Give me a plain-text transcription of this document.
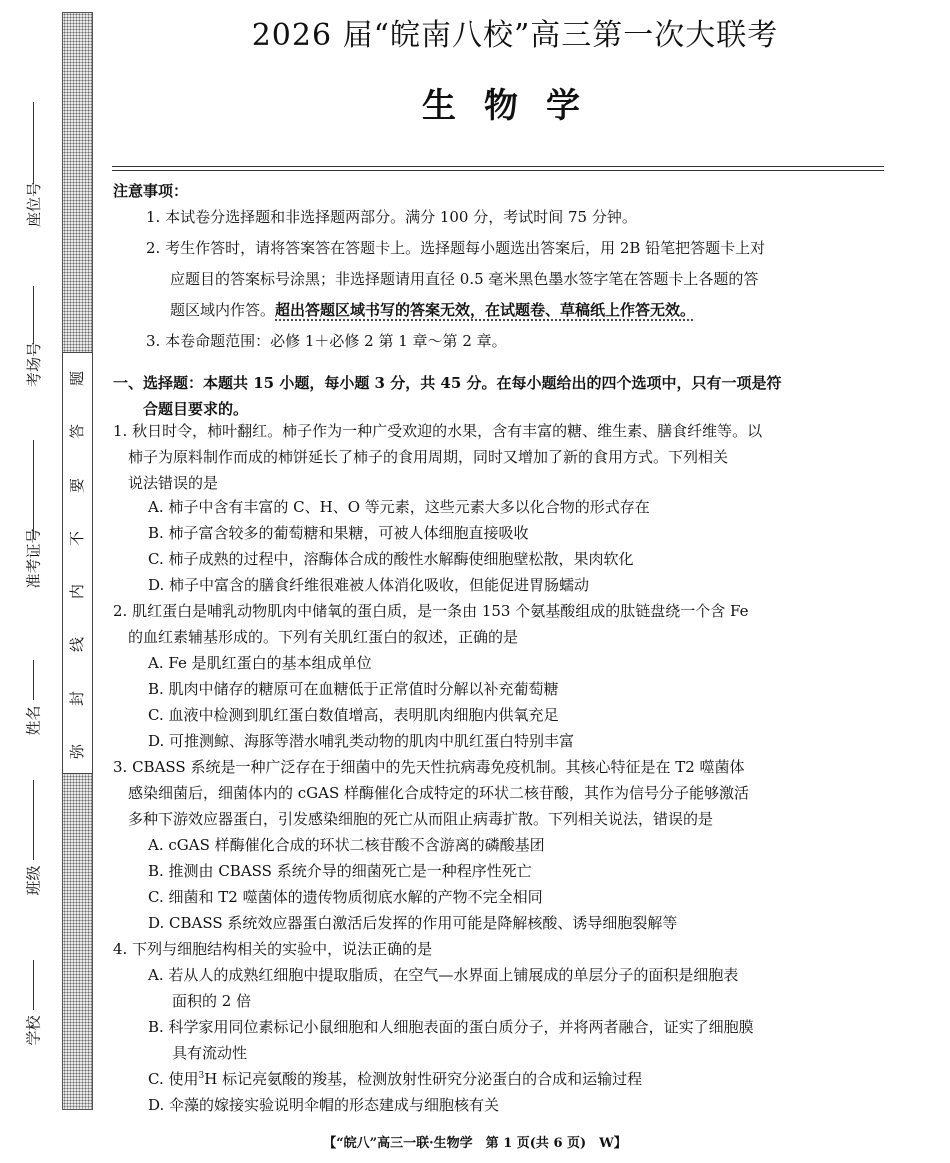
题
答
要
不
内
线
封
弥
座位号
考场号
准考证号
姓名
班级
学校
2026 届“皖南八校”高三第一次大联考
生物学
注意事项：
1. 本试卷分选择题和非选择题两部分。满分 100 分，考试时间 75 分钟。
2. 考生作答时，请将答案答在答题卡上。选择题每小题选出答案后，用 2B 铅笔把答题卡上对
应题目的答案标号涂黑；非选择题请用直径 0.5 毫米黑色墨水签字笔在答题卡上各题的答
题区域内作答。超出答题区域书写的答案无效，在试题卷、草稿纸上作答无效。
3. 本卷命题范围：必修 1＋必修 2 第 1 章～第 2 章。
一、选择题：本题共 15 小题，每小题 3 分，共 45 分。在每小题给出的四个选项中，只有一项是符
合题目要求的。
1. 秋日时令，柿叶翻红。柿子作为一种广受欢迎的水果，含有丰富的糖、维生素、膳食纤维等。以
柿子为原料制作而成的柿饼延长了柿子的食用周期，同时又增加了新的食用方式。下列相关
说法错误的是
A. 柿子中含有丰富的 C、H、O 等元素，这些元素大多以化合物的形式存在
B. 柿子富含较多的葡萄糖和果糖，可被人体细胞直接吸收
C. 柿子成熟的过程中，溶酶体合成的酸性水解酶使细胞壁松散，果肉软化
D. 柿子中富含的膳食纤维很难被人体消化吸收，但能促进胃肠蠕动
2. 肌红蛋白是哺乳动物肌肉中储氧的蛋白质，是一条由 153 个氨基酸组成的肽链盘绕一个含 Fe
的血红素辅基形成的。下列有关肌红蛋白的叙述，正确的是
A. Fe 是肌红蛋白的基本组成单位
B. 肌肉中储存的糖原可在血糖低于正常值时分解以补充葡萄糖
C. 血液中检测到肌红蛋白数值增高，表明肌肉细胞内供氧充足
D. 可推测鲸、海豚等潜水哺乳类动物的肌肉中肌红蛋白特别丰富
3. CBASS 系统是一种广泛存在于细菌中的先天性抗病毒免疫机制。其核心特征是在 T2 噬菌体
感染细菌后，细菌体内的 cGAS 样酶催化合成特定的环状二核苷酸，其作为信号分子能够激活
多种下游效应器蛋白，引发感染细胞的死亡从而阻止病毒扩散。下列相关说法，错误的是
A. cGAS 样酶催化合成的环状二核苷酸不含游离的磷酸基团
B. 推测由 CBASS 系统介导的细菌死亡是一种程序性死亡
C. 细菌和 T2 噬菌体的遗传物质彻底水解的产物不完全相同
D. CBASS 系统效应器蛋白激活后发挥的作用可能是降解核酸、诱导细胞裂解等
4. 下列与细胞结构相关的实验中，说法正确的是
A. 若从人的成熟红细胞中提取脂质，在空气—水界面上铺展成的单层分子的面积是细胞表
面积的 2 倍
B. 科学家用同位素标记小鼠细胞和人细胞表面的蛋白质分子，并将两者融合，证实了细胞膜
具有流动性
C. 使用$^3$H 标记亮氨酸的羧基，检测放射性研究分泌蛋白的合成和运输过程
D. 伞藻的嫁接实验说明伞帽的形态建成与细胞核有关
【“皖八”高三一联·生物学　第 1 页(共 6 页)　W】
